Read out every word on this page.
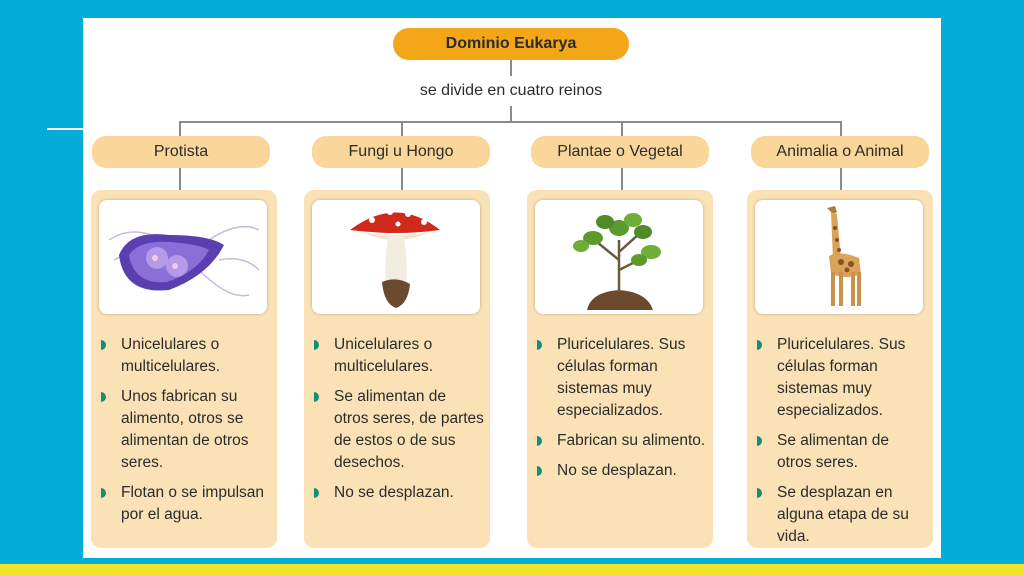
Dominio Eukarya
se divide en cuatro reinos
Protista	Fungi u Hongo	Plantae o Vegetal	Animalia o Animal
Unicelulares o multicelulares.
Unos fabrican su alimento, otros se alimentan de otros seres.
Flotan o se impulsan por el agua.
Unicelulares o multicelulares.
Se alimentan de otros seres, de partes de estos o de sus desechos.
No se desplazan.
Pluricelulares. Sus células forman sistemas muy especializados.
Fabrican su alimento.
No se desplazan.
Pluricelulares. Sus células forman sistemas muy especializados.
Se alimentan de otros seres.
Se desplazan en alguna etapa de su vida.
